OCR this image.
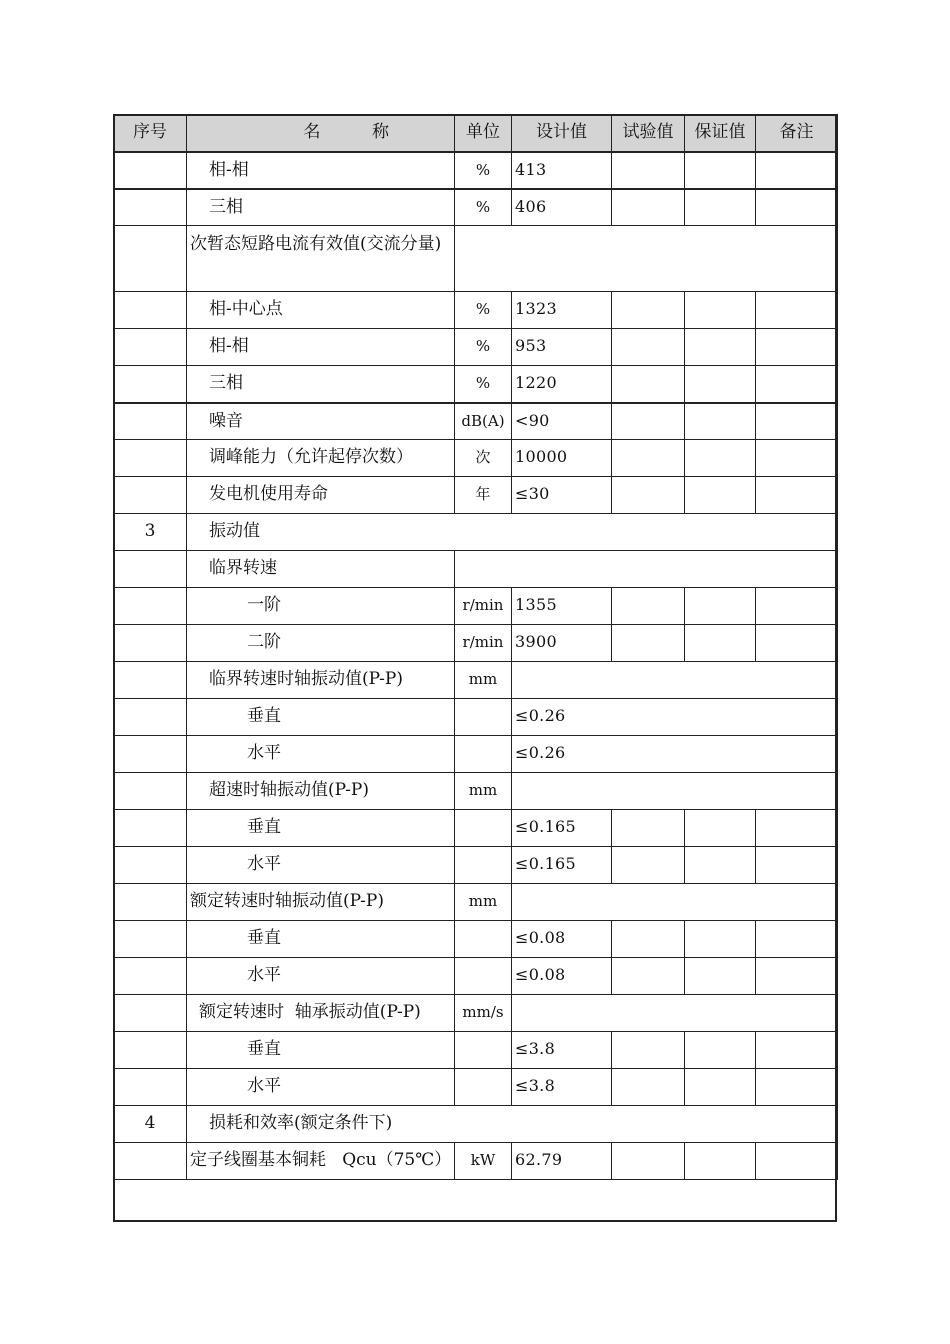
序号	名 称	单位	设计值	试验值	保证值	备注
	相-相	%	413			
	三相	%	406			
	次暂态短路电流有效值(交流分量)					
	相-中心点	%	1323			
	相-相	%	953			
	三相	%	1220			
	噪音	dB(A)	<90			
	调峰能力（允许起停次数）	次	10000			
	发电机使用寿命	年	≤30			
3	振动值					
	临界转速					
	一阶	r/min	1355			
	二阶	r/min	3900			
	临界转速时轴振动值(P-P)	mm				
	垂直		≤0.26			
	水平		≤0.26			
	超速时轴振动值(P-P)	mm				
	垂直		≤0.165			
	水平		≤0.165			
	额定转速时轴振动值(P-P)	mm				
	垂直		≤0.08			
	水平		≤0.08			
	额定转速时  轴承振动值(P-P)	mm/s				
	垂直		≤3.8			
	水平		≤3.8			
4	损耗和效率(额定条件下)					
	定子线圈基本铜耗   Qcu（75℃）	kW	62.79			
